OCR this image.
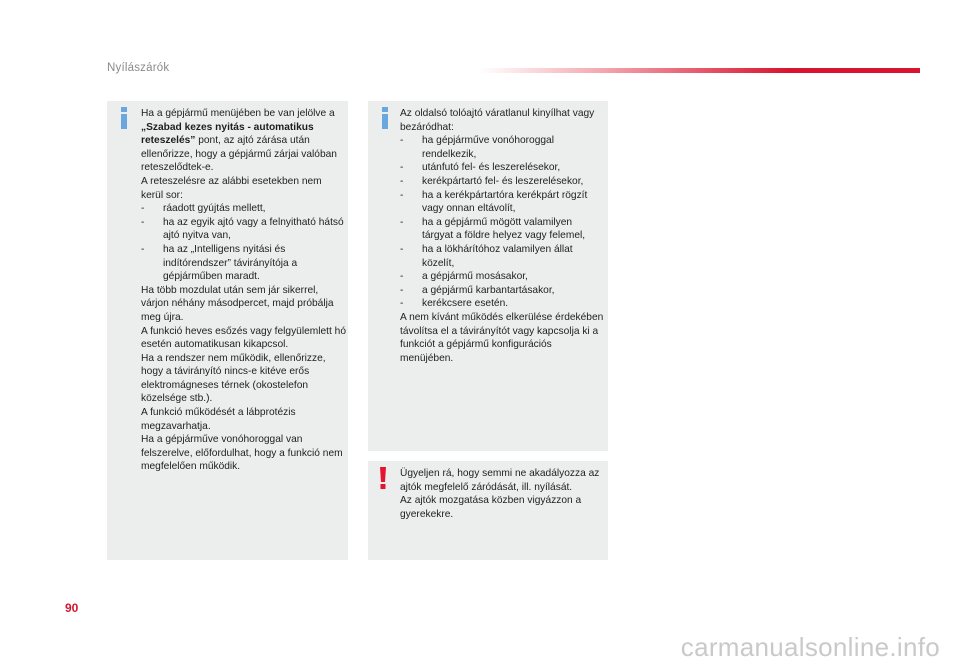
Nyílászárók

Ha a gépjármű menüjében be van jelölve a „Szabad kezes nyitás - automatikus reteszelés” pont, az ajtó zárása után ellenőrizze, hogy a gépjármű zárjai valóban reteszelődtek-e.

A reteszelésre az alábbi esetekben nem kerül sor:

- ráadott gyújtás mellett,
- ha az egyik ajtó vagy a felnyitható hátsó ajtó nyitva van,
- ha az „Intelligens nyitási és indítórendszer” távirányítója a gépjárműben maradt.

Ha több mozdulat után sem jár sikerrel, várjon néhány másodpercet, majd próbálja meg újra.

A funkció heves esőzés vagy felgyülemlett hó esetén automatikusan kikapcsol.

Ha a rendszer nem működik, ellenőrizze, hogy a távirányító nincs-e kitéve erős elektromágneses térnek (okostelefon közelsége stb.).

A funkció működését a lábprotézis megzavarhatja.

Ha a gépjárműve vonóhoroggal van felszerelve, előfordulhat, hogy a funkció nem megfelelően működik.

Az oldalsó tolóajtó váratlanul kinyílhat vagy bezáródhat:

- ha gépjárműve vonóhoroggal rendelkezik,
- utánfutó fel- és leszerelésekor,
- kerékpártartó fel- és leszerelésekor,
- ha a kerékpártartóra kerékpárt rögzít vagy onnan eltávolít,
- ha a gépjármű mögött valamilyen tárgyat a földre helyez vagy felemel,
- ha a lökhárítóhoz valamilyen állat közelít,
- a gépjármű mosásakor,
- a gépjármű karbantartásakor,
- kerékcsere esetén.

A nem kívánt működés elkerülése érdekében távolítsa el a távirányítót vagy kapcsolja ki a funkciót a gépjármű konfigurációs menüjében.

Ügyeljen rá, hogy semmi ne akadályozza az ajtók megfelelő záródását, ill. nyílását.

Az ajtók mozgatása közben vigyázzon a gyerekekre.

90
carmanualsonline.info
